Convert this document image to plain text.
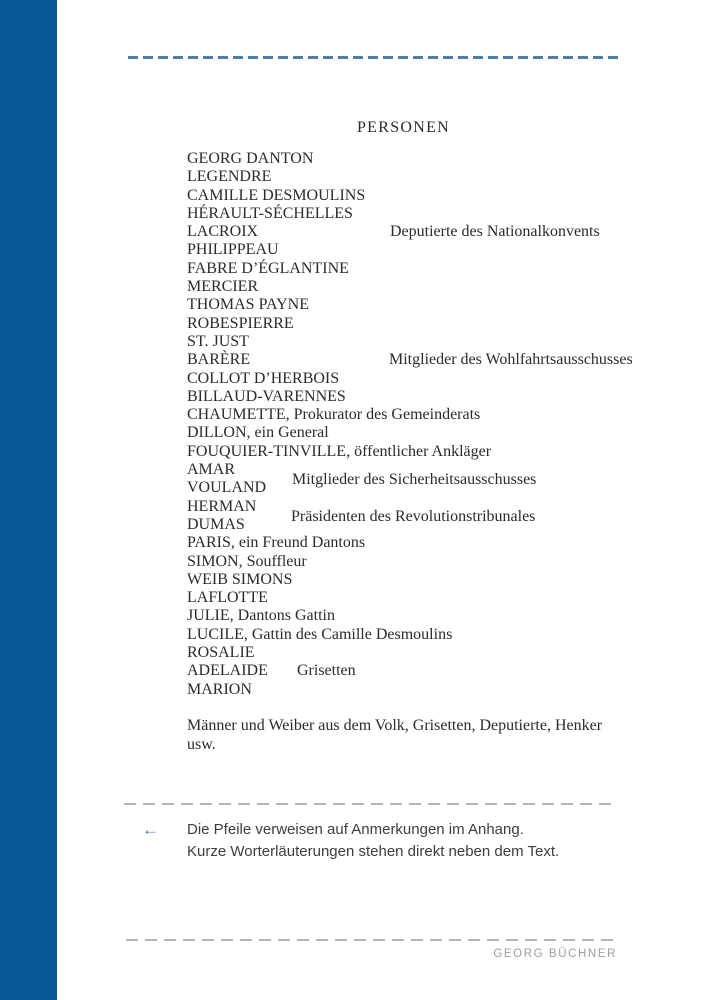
PERSONEN
GEORG DANTON
LEGENDRE
CAMILLE DESMOULINS
HÉRAULT-SÉCHELLES
LACROIX
PHILIPPEAU
FABRE D’ÉGLANTINE
MERCIER
THOMAS PAYNE
ROBESPIERRE
ST. JUST
BARÈRE
COLLOT D’HERBOIS
BILLAUD-VARENNES
CHAUMETTE, Prokurator des Gemeinderats
DILLON, ein General
FOUQUIER-TINVILLE, öffentlicher Ankläger
AMAR
VOULAND
HERMAN
DUMAS
PARIS, ein Freund Dantons
SIMON, Souffleur
WEIB SIMONS
LAFLOTTE
JULIE, Dantons Gattin
LUCILE, Gattin des Camille Desmoulins
ROSALIE
ADELAIDE
MARION
Deputierte des Nationalkonvents
Mitglieder des Wohlfahrtsausschusses
Mitglieder des Sicherheitsausschusses
Präsidenten des Revolutionstribunales
Grisetten
Männer und Weiber aus dem Volk, Grisetten, Deputierte, Henker
usw.
← Die Pfeile verweisen auf Anmerkungen im Anhang.
Kurze Worterläuterungen stehen direkt neben dem Text.
GEORG BÜCHNER
